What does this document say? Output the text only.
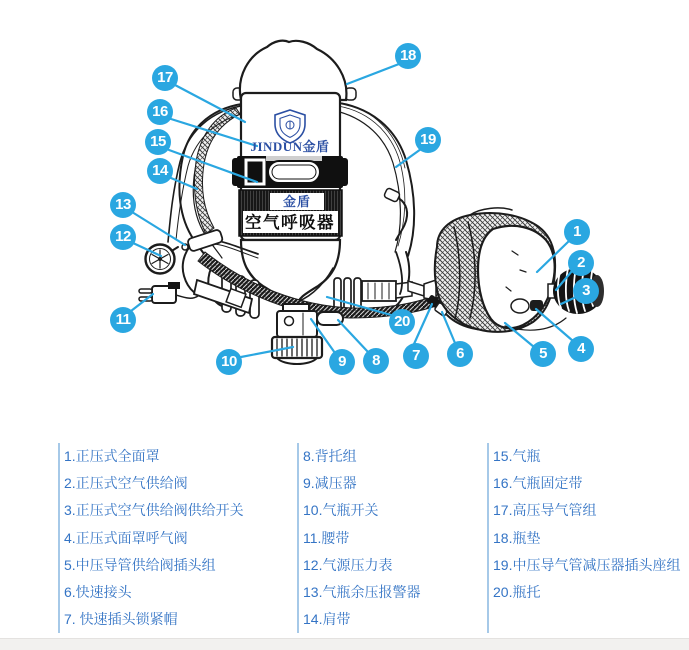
JINDUN金盾
金盾
空气呼吸器	1
2
3
4
5
6
7
8
9
10
11
12
13
14
15
16
17
18
19
20
1.正压式全面罩
2.正压式空气供给阀
3.正压式空气供给阀供给开关
4.正压式面罩呼气阀
5.中压导管供给阀插头组
6.快速接头
7. 快速插头锁紧帽
8.背托组
9.减压器
10.气瓶开关
11.腰带
12.气源压力表
13.气瓶余压报警器
14.肩带
15.气瓶
16.气瓶固定带
17.高压导气管组
18.瓶垫
19.中压导气管减压器插头座组
20.瓶托
